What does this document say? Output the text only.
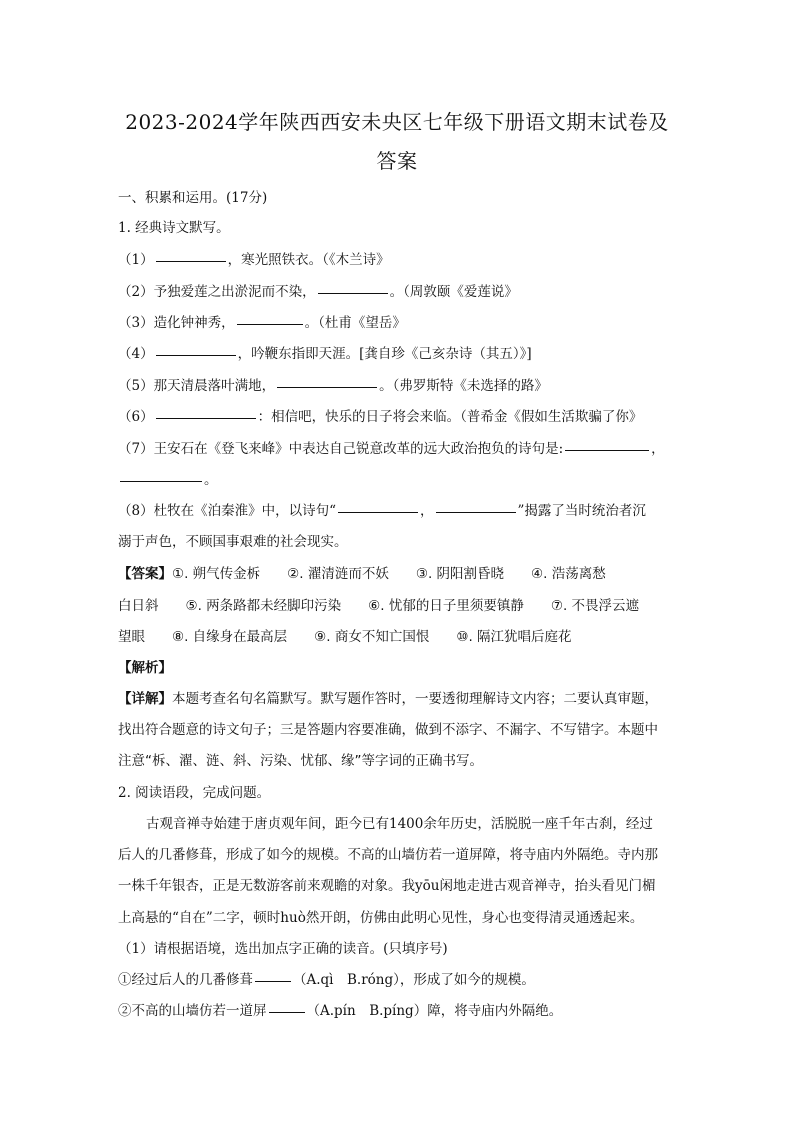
2023-2024学年陕西西安未央区七年级下册语文期末试卷及
答案
一、积累和运用。(17分)
1. 经典诗文默写。
（1）	，寒光照铁衣。（《木兰诗》
（2）予独爱莲之出淤泥而不染，	。（周敦颐《爱莲说》
（3）造化钟神秀，	。（杜甫《望岳》
（4）	，吟鞭东指即天涯。[龚自珍《己亥杂诗（其五）》]
（5）那天清晨落叶满地，	。（弗罗斯特《未选择的路》
（6）	：相信吧，快乐的日子将会来临。（普希金《假如生活欺骗了你》
（7）王安石在《登飞来峰》中表达自己锐意改革的远大政治抱负的诗句是:	，
。
（8）杜牧在《泊秦淮》中，以诗句“	，	”揭露了当时统治者沉
溺于声色，不顾国事艰难的社会现实。
【答案】①. 朔气传金柝　　②. 濯清涟而不妖　　③. 阴阳割昏晓　　④. 浩荡离愁
白日斜　　⑤. 两条路都未经脚印污染　　⑥. 忧郁的日子里须要镇静　　⑦. 不畏浮云遮
望眼　　⑧. 自缘身在最高层　　⑨. 商女不知亡国恨　　⑩. 隔江犹唱后庭花
【解析】
【详解】本题考查名句名篇默写。默写题作答时，一要透彻理解诗文内容；二要认真审题，
找出符合题意的诗文句子；三是答题内容要准确，做到不添字、不漏字、不写错字。本题中
注意“柝、濯、涟、斜、污染、忧郁、缘”等字词的正确书写。
2. 阅读语段，完成问题。
古观音禅寺始建于唐贞观年间，距今已有1400余年历史，活脱脱一座千年古刹，经过
后人的几番修葺，形成了如今的规模。不高的山墙仿若一道屏障，将寺庙内外隔绝。寺内那
一株千年银杏，正是无数游客前来观瞻的对象。我yōu闲地走进古观音禅寺，抬头看见门楣
上高悬的“自在”二字，顿时huò然开朗，仿佛由此明心见性，身心也变得清灵通透起来。
（1）请根据语境，选出加点字正确的读音。(只填序号)
①经过后人的几番修葺	（A.qì　B.róng），形成了如今的规模。
②不高的山墙仿若一道屏	（A.pín　B.píng）障，将寺庙内外隔绝。
